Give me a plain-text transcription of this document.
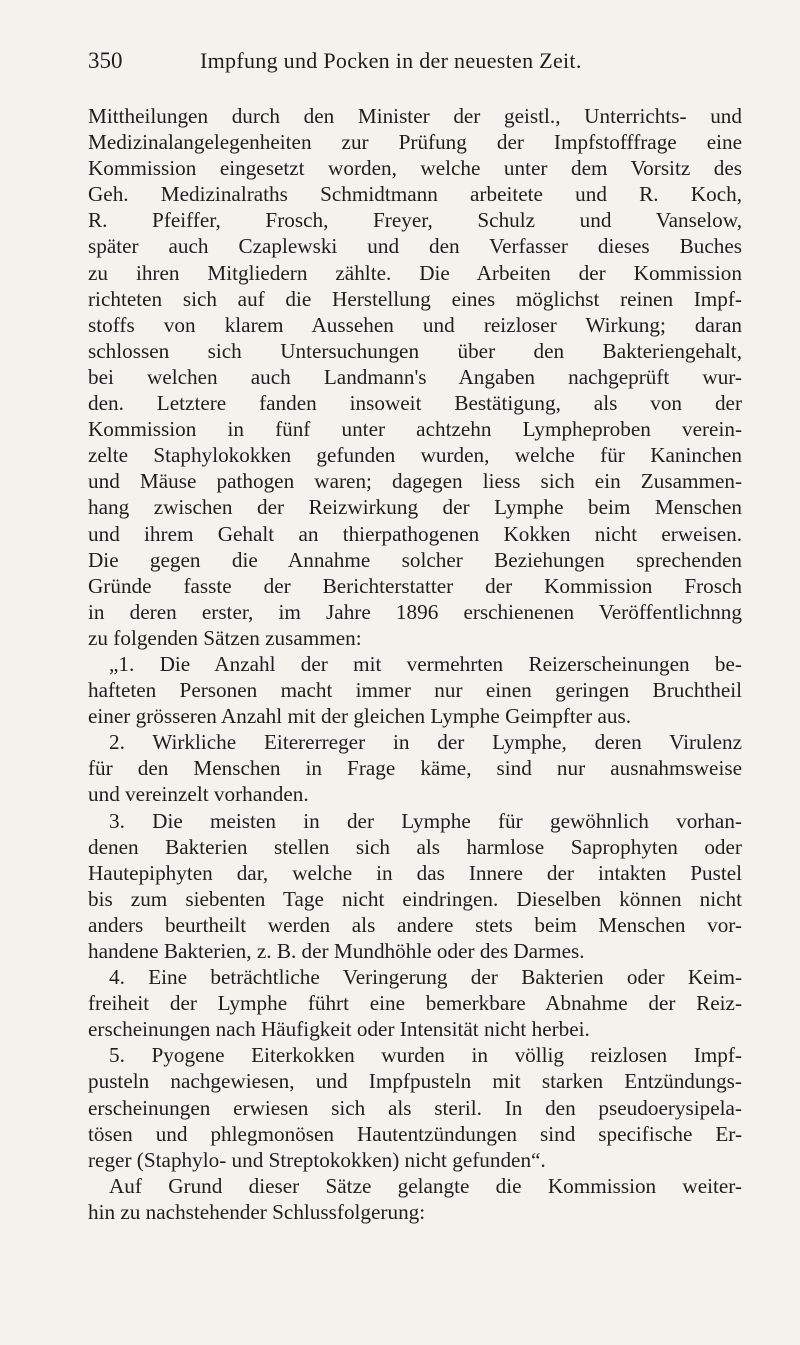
350	Impfung und Pocken in der neuesten Zeit.

Mittheilungen durch den Minister der geistl., Unterrichts- und

Medizinalangelegenheiten zur Prüfung der Impfstofffrage eine

Kommission eingesetzt worden, welche unter dem Vorsitz des

Geh. Medizinalraths Schmidtmann arbeitete und R. Koch,

R. Pfeiffer, Frosch, Freyer, Schulz und Vanselow,

später auch Czaplewski und den Verfasser dieses Buches

zu ihren Mitgliedern zählte. Die Arbeiten der Kommission

richteten sich auf die Herstellung eines möglichst reinen Impf-

stoffs von klarem Aussehen und reizloser Wirkung; daran

schlossen sich Untersuchungen über den Bakteriengehalt,

bei welchen auch Landmann's Angaben nachgeprüft wur-

den. Letztere fanden insoweit Bestätigung, als von der

Kommission in fünf unter achtzehn Lympheproben verein-

zelte Staphylokokken gefunden wurden, welche für Kaninchen

und Mäuse pathogen waren; dagegen liess sich ein Zusammen-

hang zwischen der Reizwirkung der Lymphe beim Menschen

und ihrem Gehalt an thierpathogenen Kokken nicht erweisen.

Die gegen die Annahme solcher Beziehungen sprechenden

Gründe fasste der Berichterstatter der Kommission Frosch

in deren erster, im Jahre 1896 erschienenen Veröffentlichnng

zu folgenden Sätzen zusammen:

„1. Die Anzahl der mit vermehrten Reizerscheinungen be-

hafteten Personen macht immer nur einen geringen Bruchtheil

einer grösseren Anzahl mit der gleichen Lymphe Geimpfter aus.

2. Wirkliche Eitererreger in der Lymphe, deren Virulenz

für den Menschen in Frage käme, sind nur ausnahmsweise

und vereinzelt vorhanden.

3. Die meisten in der Lymphe für gewöhnlich vorhan-

denen Bakterien stellen sich als harmlose Saprophyten oder

Hautepiphyten dar, welche in das Innere der intakten Pustel

bis zum siebenten Tage nicht eindringen. Dieselben können nicht

anders beurtheilt werden als andere stets beim Menschen vor-

handene Bakterien, z. B. der Mundhöhle oder des Darmes.

4. Eine beträchtliche Veringerung der Bakterien oder Keim-

freiheit der Lymphe führt eine bemerkbare Abnahme der Reiz-

erscheinungen nach Häufigkeit oder Intensität nicht herbei.

5. Pyogene Eiterkokken wurden in völlig reizlosen Impf-

pusteln nachgewiesen, und Impfpusteln mit starken Entzündungs-

erscheinungen erwiesen sich als steril. In den pseudoerysipela-

tösen und phlegmonösen Hautentzündungen sind specifische Er-

reger (Staphylo- und Streptokokken) nicht gefunden“.

Auf Grund dieser Sätze gelangte die Kommission weiter-

hin zu nachstehender Schlussfolgerung:
